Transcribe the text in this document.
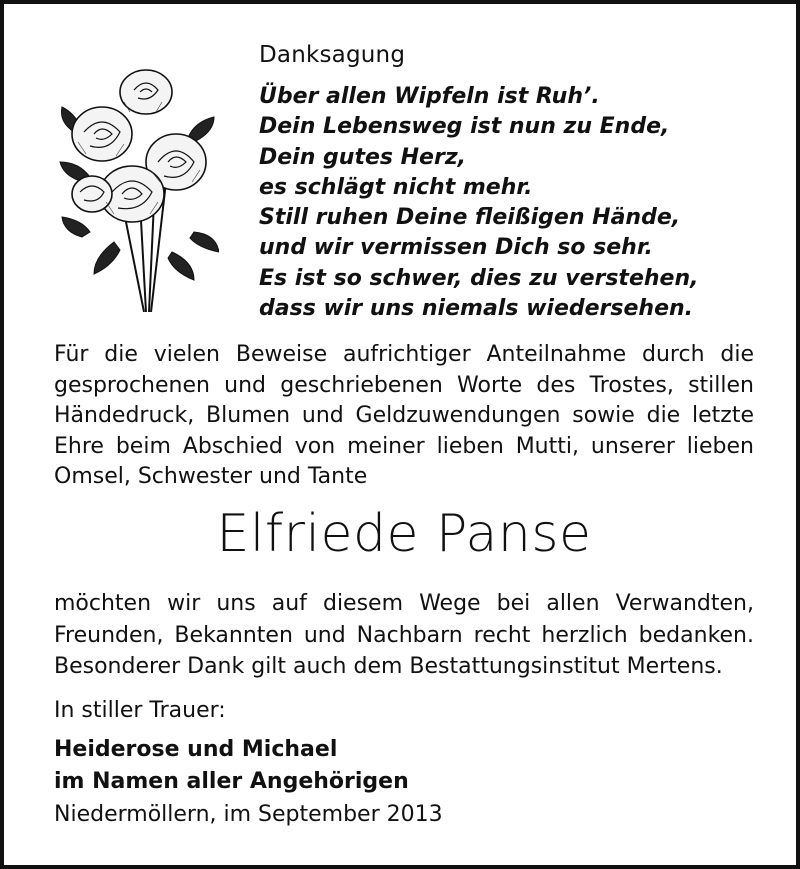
Danksagung
Über allen Wipfeln ist Ruh’.
Dein Lebensweg ist nun zu Ende,
Dein gutes Herz,
es schlägt nicht mehr.
Still ruhen Deine fleißigen Hände,
und wir vermissen Dich so sehr.
Es ist so schwer, dies zu verstehen,
dass wir uns niemals wiedersehen.
Für die vielen Beweise aufrichtiger Anteilnahme durch die gesprochenen und geschriebenen Worte des Trostes, stillen Händedruck, Blumen und Geldzuwendungen sowie die letzte Ehre beim Abschied von meiner lieben Mutti, unserer lieben Omsel, Schwester und Tante
Elfriede Panse
möchten wir uns auf diesem Wege bei allen Verwandten, Freunden, Bekannten und Nachbarn recht herzlich bedanken. Besonderer Dank gilt auch dem Bestattungsinstitut Mertens.
In stiller Trauer:
Heiderose und Michael
im Namen aller Angehörigen
Niedermöllern, im September 2013
